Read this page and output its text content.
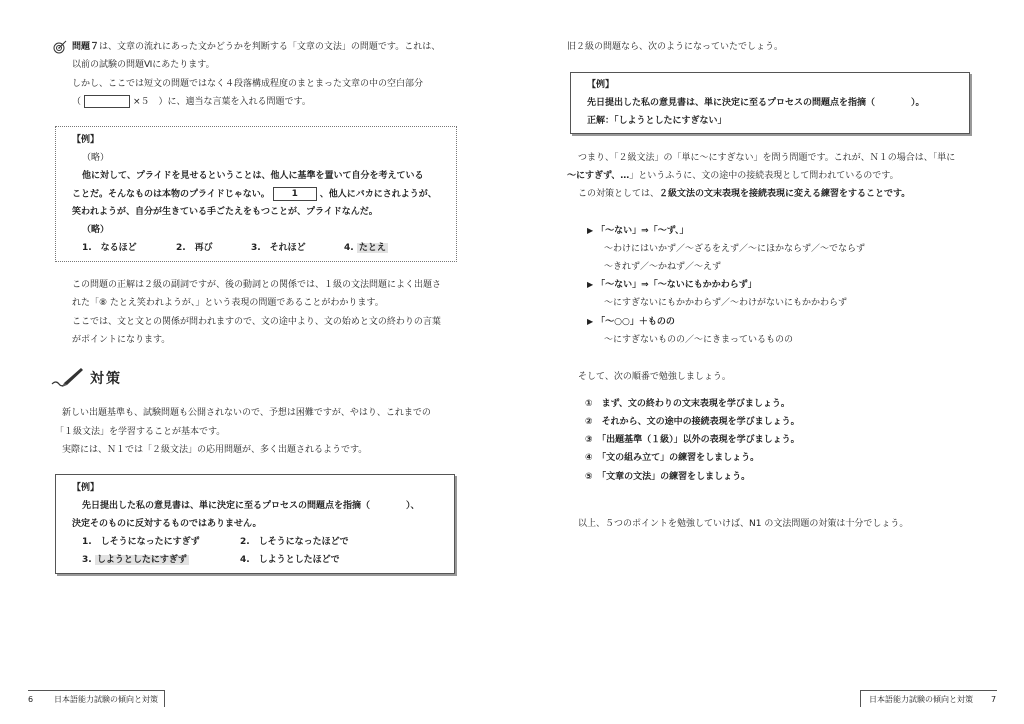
問題７は、文章の流れにあった文かどうかを判断する「文章の文法」の問題です。これは、
以前の試験の問題Ⅵにあたります。
しかし、ここでは短文の問題ではなく４段落構成程度のまとまった文章の中の空白部分
（	×５　）に、適当な言葉を入れる問題です。
【例】
（略）
他に対して、プライドを見せるということは、他人に基準を置いて自分を考えている
ことだ。そんなものは本物のプライドじゃない。 1 、他人にバカにされようが、
笑われようが、自分が生きている手ごたえをもつことが、プライドなんだ。
（略）
1.　なるほど	2.　再び	3.　それほど	4. たとえ
この問題の正解は２級の副詞ですが、後の動詞との関係では、１級の文法問題によく出題さ
れた「⑧ たとえ笑われようが、」という表現の問題であることがわかります。
ここでは、文と文との関係が問われますので、文の途中より、文の始めと文の終わりの言葉
がポイントになります。
対策
新しい出題基準も、試験問題も公開されないので、予想は困難ですが、やはり、これまでの
「１級文法」を学習することが基本です。
実際には、Ｎ１では「２級文法」の応用問題が、多く出題されるようです。
【例】
先日提出した私の意見書は、単に決定に至るプロセスの問題点を指摘（　　　　）、
決定そのものに反対するものではありません。
1.　しそうになったにすぎず	2.　しそうになったほどで
3. しようとしたにすぎず	4.　しようとしたほどで
6	日本語能力試験の傾向と対策
旧２級の問題なら、次のようになっていたでしょう。
【例】
先日提出した私の意見書は、単に決定に至るプロセスの問題点を指摘（　　　　）。
正解：「しようとしたにすぎない」
つまり、「２級文法」の「単に～にすぎない」を問う問題です。これが、Ｎ１の場合は、「単に
～にすぎず、…」というふうに、文の途中の接続表現として問われているのです。
この対策としては、２級文法の文末表現を接続表現に変える練習をすることです。
▶ 「～ない」⇒「～ず、」
～わけにはいかず／～ざるをえず／～にほかならず／～でならず
～きれず／～かねず／～えず
▶ 「～ない」⇒「～ないにもかかわらず」
～にすぎないにもかかわらず／～わけがないにもかかわらず
▶ 「～○○」＋ものの
～にすぎないものの／～にきまっているものの
そして、次の順番で勉強しましょう。
①　まず、文の終わりの文末表現を学びましょう。
②　それから、文の途中の接続表現を学びましょう。
③　「出題基準（１級）」以外の表現を学びましょう。
④　「文の組み立て」の練習をしましょう。
⑤　「文章の文法」の練習をしましょう。
以上、５つのポイントを勉強していけば、N1 の文法問題の対策は十分でしょう。
日本語能力試験の傾向と対策 7
